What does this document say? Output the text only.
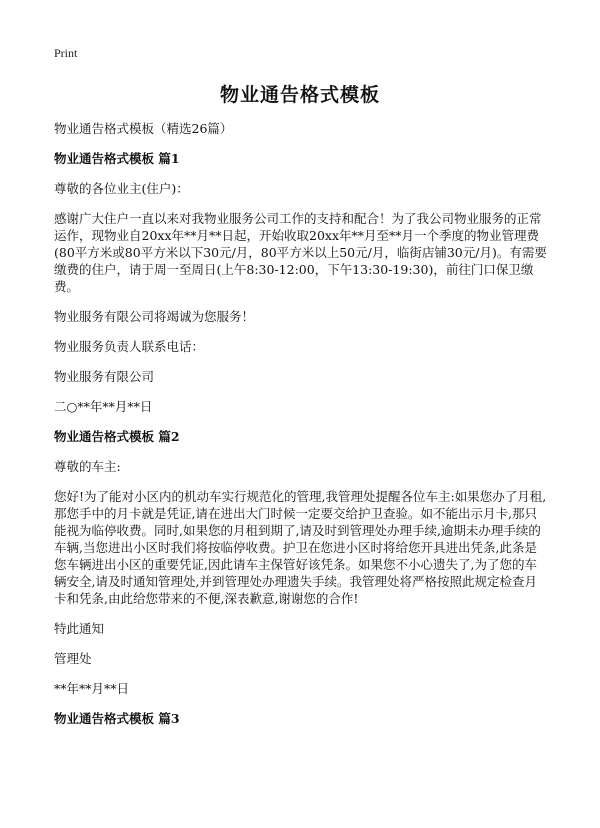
Print
物业通告格式模板

物业通告格式模板（精选26篇）

物业通告格式模板 篇1

尊敬的各位业主(住户)：

感谢广大住户一直以来对我物业服务公司工作的支持和配合！为了我公司物业服务的正常运作，现物业自20xx年**月**日起，开始收取20xx年**月至**月一个季度的物业管理费(80平方米或80平方米以下30元/月，80平方米以上50元/月，临街店铺30元/月)。有需要缴费的住户，请于周一至周日(上午8:30-12:00，下午13:30-19:30)，前往门口保卫缴费。

物业服务有限公司将竭诚为您服务！

物业服务负责人联系电话：

物业服务有限公司

二○**年**月**日

物业通告格式模板 篇2

尊敬的车主:

您好!为了能对小区内的机动车实行规范化的管理,我管理处提醒各位车主:如果您办了月租,那您手中的月卡就是凭证,请在进出大门时候一定要交给护卫查验。如不能出示月卡,那只能视为临停收费。同时,如果您的月租到期了,请及时到管理处办理手续,逾期未办理手续的车辆,当您进出小区时我们将按临停收费。护卫在您进小区时将给您开具进出凭条,此条是您车辆进出小区的重要凭证,因此请车主保管好该凭条。如果您不小心遗失了,为了您的车辆安全,请及时通知管理处,并到管理处办理遗失手续。我管理处将严格按照此规定检查月卡和凭条,由此给您带来的不便,深表歉意,谢谢您的合作!

特此通知

管理处

**年**月**日

物业通告格式模板 篇3
